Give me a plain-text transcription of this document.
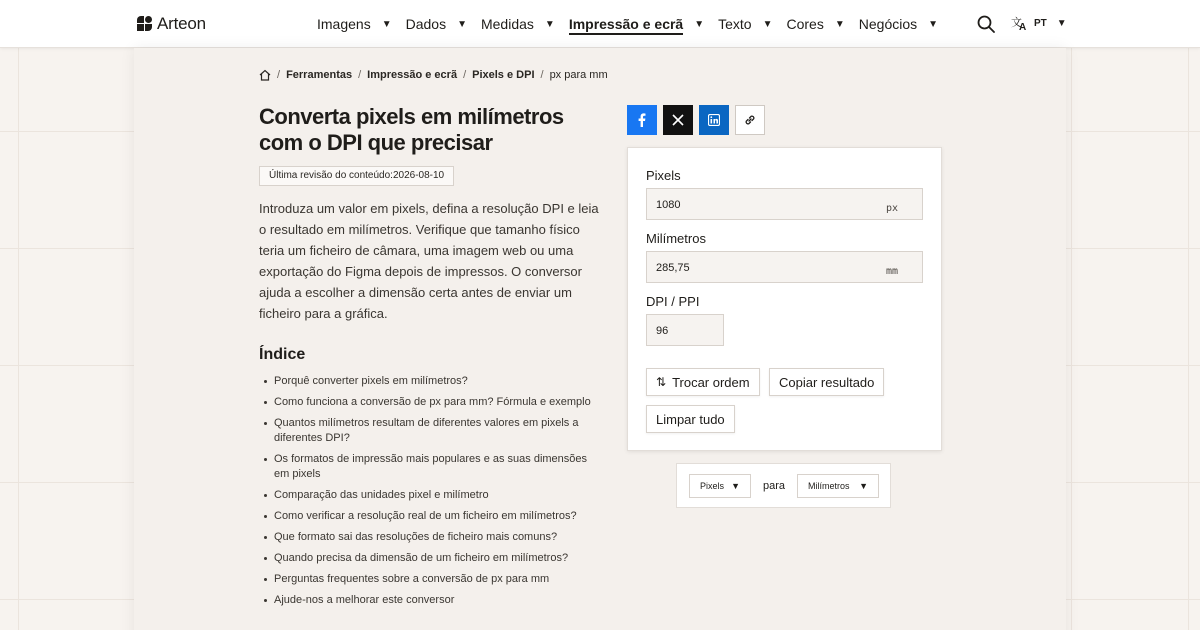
Arteon	Imagens ▼ Dados ▼ Medidas ▼ Impressão e ecrã ▼ Texto ▼ Cores ▼ Negócios ▼	文
A PT ▼
/ Ferramentas / Impressão e ecrã / Pixels e DPI / px para mm
Converta pixels em milímetros com o DPI que precisar
Última revisão do conteúdo:2026-08-10

Introduza um valor em pixels, defina a resolução DPI e leia o resultado em milímetros. Verifique que tamanho físico teria um ficheiro de câmara, uma imagem web ou uma exportação do Figma depois de impressos. O conversor ajuda a escolher a dimensão certa antes de enviar um ficheiro para a gráfica.

Índice
Porquê converter pixels em milímetros?
Como funciona a conversão de px para mm? Fórmula e exemplo
Quantos milímetros resultam de diferentes valores em pixels a diferentes DPI?
Os formatos de impressão mais populares e as suas dimensões em pixels
Comparação das unidades pixel e milímetro
Como verificar a resolução real de um ficheiro em milímetros?
Que formato sai das resoluções de ficheiro mais comuns?
Quando precisa da dimensão de um ficheiro em milímetros?
Perguntas frequentes sobre a conversão de px para mm
Ajude-nos a melhorar este conversor
Pixels
1080	px
Milímetros
285,75	mm
DPI / PPI
96
⇅ Trocar ordem Copiar resultado
Limpar tudo
Pixels ▼ para	Milímetros ▼
